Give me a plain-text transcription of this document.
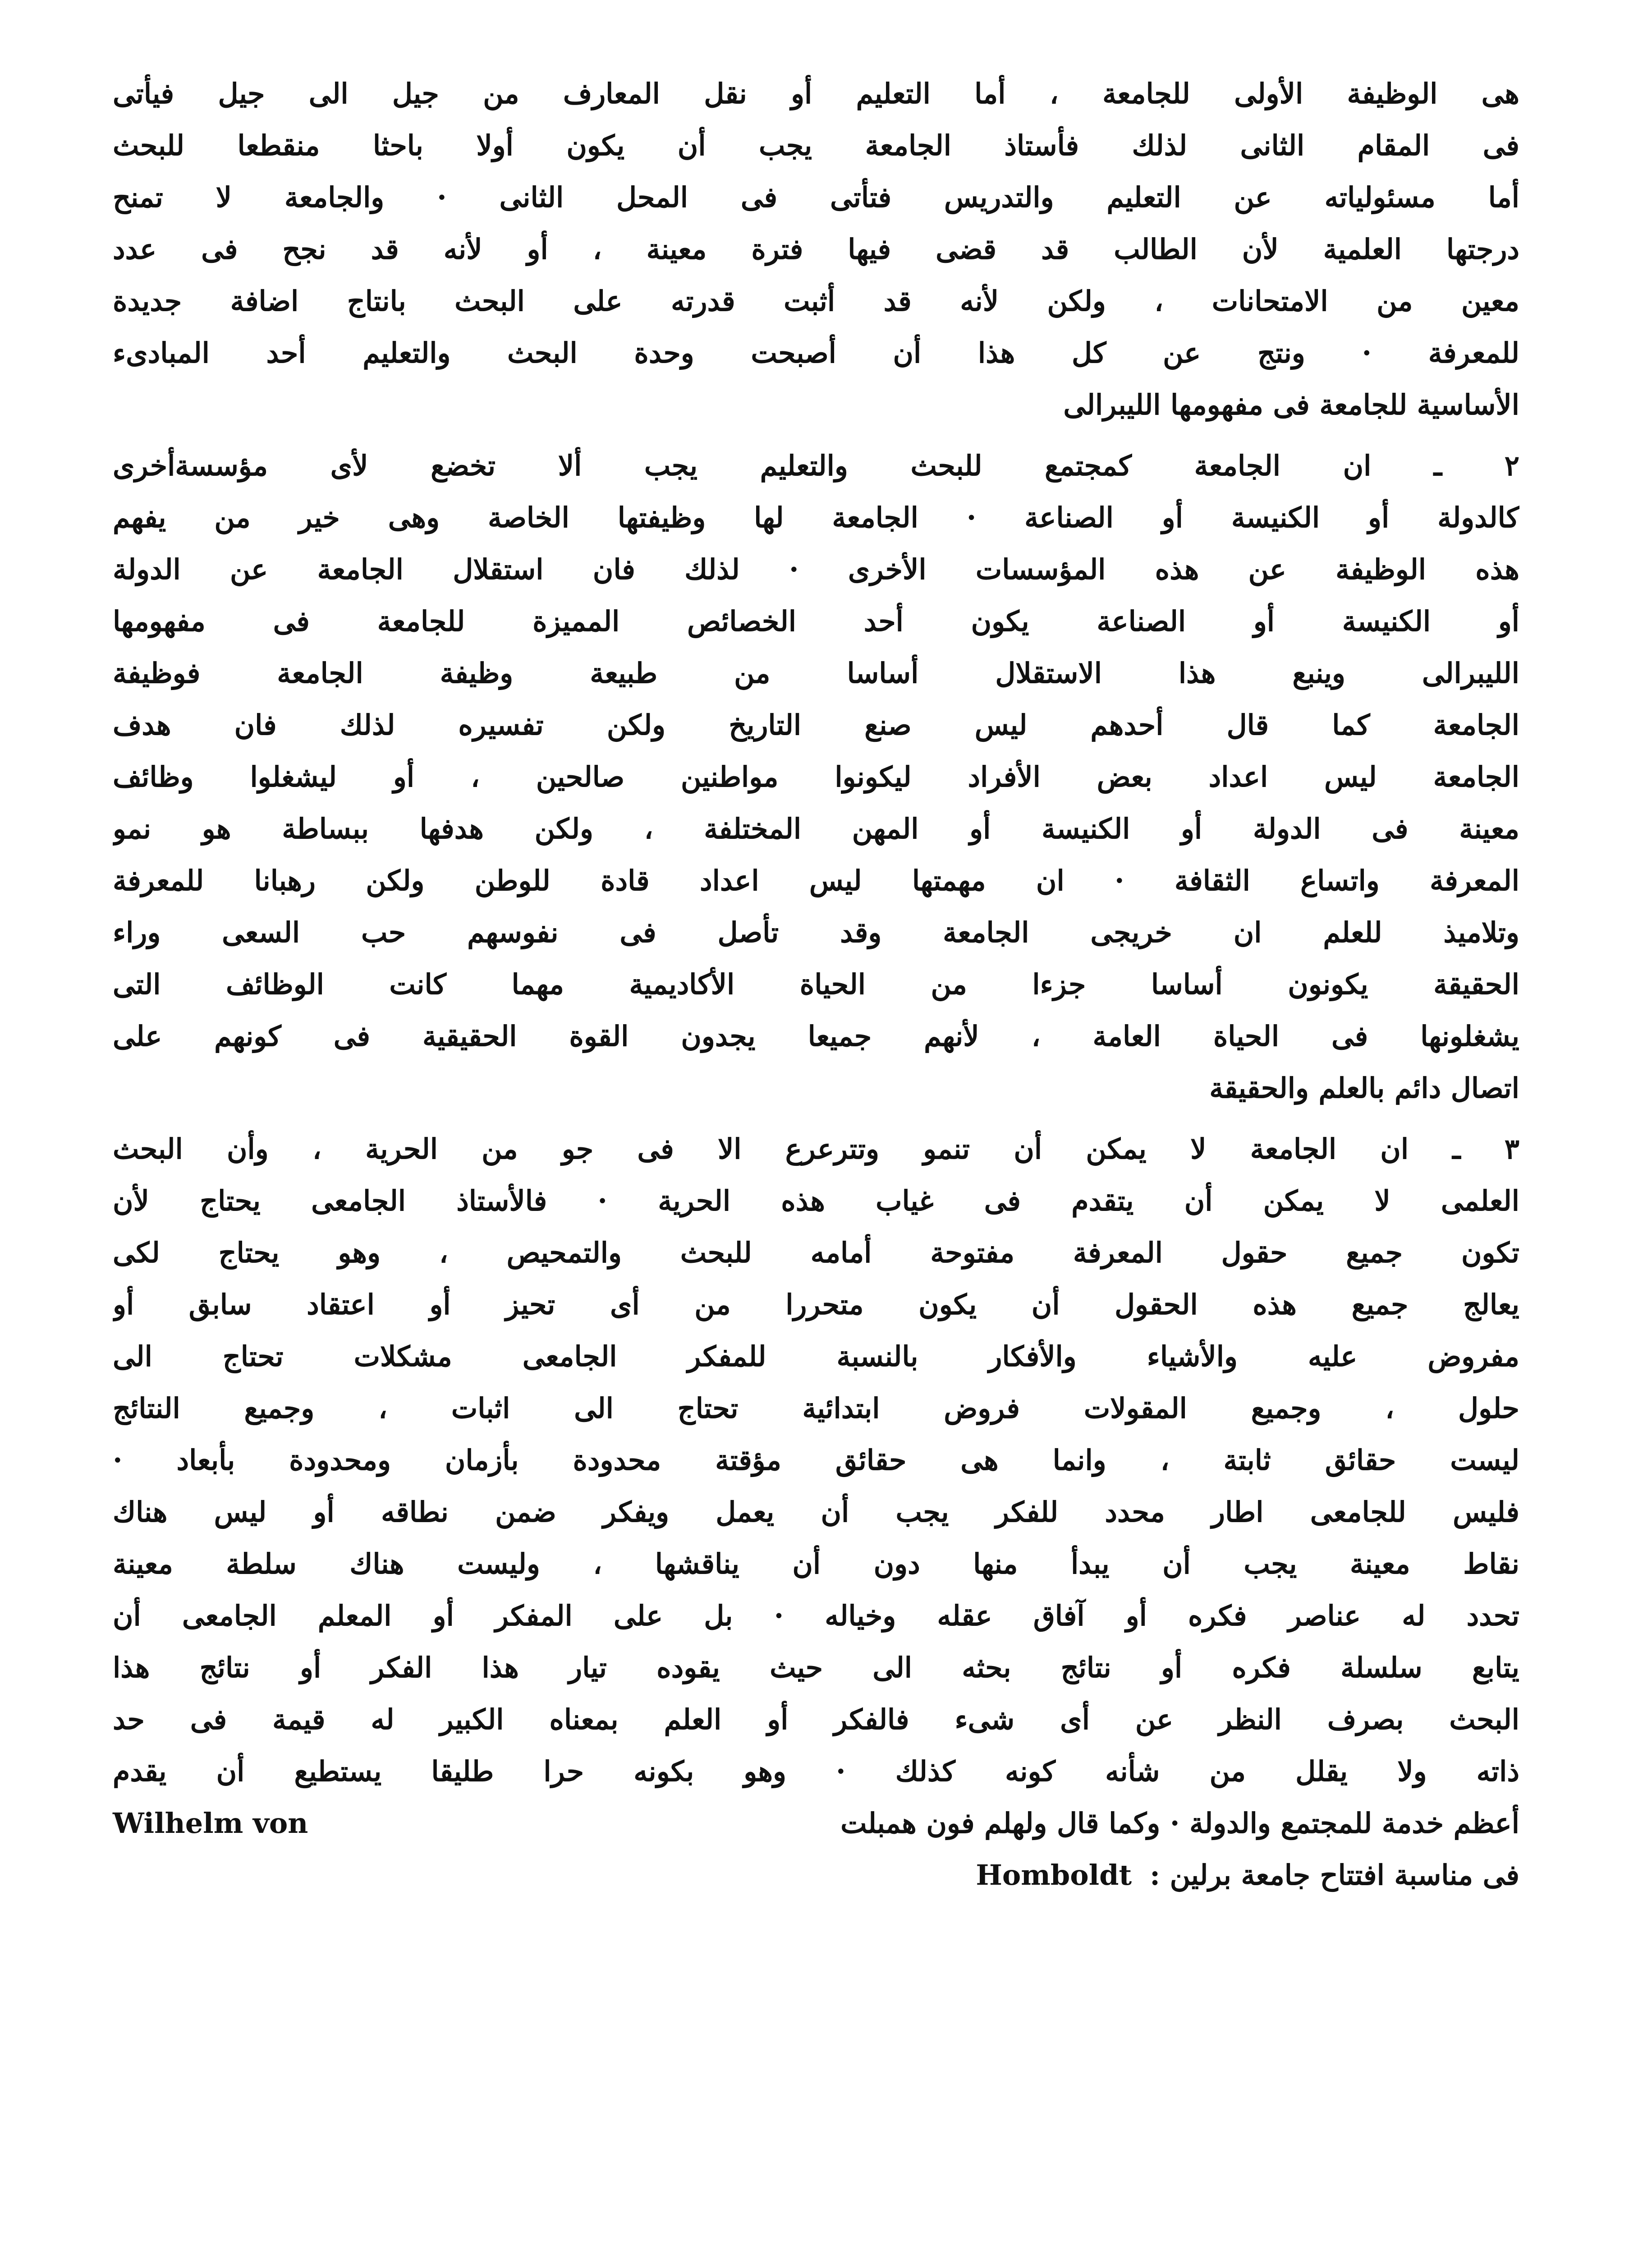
هى الوظيفة الأولى للجامعة ، أما التعليم أو نقل المعارف من جيل الى جيل فيأتى
فى المقام الثانى لذلك فأستاذ الجامعة يجب أن يكون أولا باحثا منقطعا للبحث
أما مسئولياته عن التعليم والتدريس فتأتى فى المحل الثانى · والجامعة لا تمنح
درجتها العلمية لأن الطالب قد قضى فيها فترة معينة ، أو لأنه قد نجح فى عدد
معين من الامتحانات ، ولكن لأنه قد أثبت قدرته على البحث بانتاج اضافة جديدة
للمعرفة · ونتج عن كل هذا أن أصبحت وحدة البحث والتعليم أحد المبادىء
الأساسية للجامعة فى مفهومها الليبرالى
٢ ـ ان الجامعة كمجتمع للبحث والتعليم يجب ألا تخضع لأى مؤسسةأخرى
كالدولة أو الكنيسة أو الصناعة · الجامعة لها وظيفتها الخاصة وهى خير من يفهم
هذه الوظيفة عن هذه المؤسسات الأخرى · لذلك فان استقلال الجامعة عن الدولة
أو الكنيسة أو الصناعة يكون أحد الخصائص المميزة للجامعة فى مفهومها
الليبرالى وينبع هذا الاستقلال أساسا من طبيعة وظيفة الجامعة فوظيفة
الجامعة كما قال أحدهم ليس صنع التاريخ ولكن تفسيره لذلك فان هدف
الجامعة ليس اعداد بعض الأفراد ليكونوا مواطنين صالحين ، أو ليشغلوا وظائف
معينة فى الدولة أو الكنيسة أو المهن المختلفة ، ولكن هدفها ببساطة هو نمو
المعرفة واتساع الثقافة · ان مهمتها ليس اعداد قادة للوطن ولكن رهبانا للمعرفة
وتلاميذ للعلم ان خريجى الجامعة وقد تأصل فى نفوسهم حب السعى وراء
الحقيقة يكونون أساسا جزءا من الحياة الأكاديمية مهما كانت الوظائف التى
يشغلونها فى الحياة العامة ، لأنهم جميعا يجدون القوة الحقيقية فى كونهم على
اتصال دائم بالعلم والحقيقة
٣ ـ ان الجامعة لا يمكن أن تنمو وتترعرع الا فى جو من الحرية ، وأن البحث
العلمى لا يمكن أن يتقدم فى غياب هذه الحرية · فالأستاذ الجامعى يحتاج لأن
تكون جميع حقول المعرفة مفتوحة أمامه للبحث والتمحيص ، وهو يحتاج لكى
يعالج جميع هذه الحقول أن يكون متحررا من أى تحيز أو اعتقاد سابق أو
مفروض عليه والأشياء والأفكار بالنسبة للمفكر الجامعى مشكلات تحتاج الى
حلول ، وجميع المقولات فروض ابتدائية تحتاج الى اثبات ، وجميع النتائج
ليست حقائق ثابتة ، وانما هى حقائق مؤقتة محدودة بأزمان ومحدودة بأبعاد ·
فليس للجامعى اطار محدد للفكر يجب أن يعمل ويفكر ضمن نطاقه أو ليس هناك
نقاط معينة يجب أن يبدأ منها دون أن يناقشها ، وليست هناك سلطة معينة
تحدد له عناصر فكره أو آفاق عقله وخياله · بل على المفكر أو المعلم الجامعى أن
يتابع سلسلة فكره أو نتائج بحثه الى حيث يقوده تيار هذا الفكر أو نتائج هذا
البحث بصرف النظر عن أى شىء فالفكر أو العلم بمعناه الكبير له قيمة فى حد
ذاته ولا يقلل من شأنه كونه كذلك · وهو بكونه حرا طليقا يستطيع أن يقدم
أعظم خدمة للمجتمع والدولة · وكما قال ولهلم فون همبلت
Wilhelm von
فى مناسبة افتتاح جامعة برلين :
Homboldt
